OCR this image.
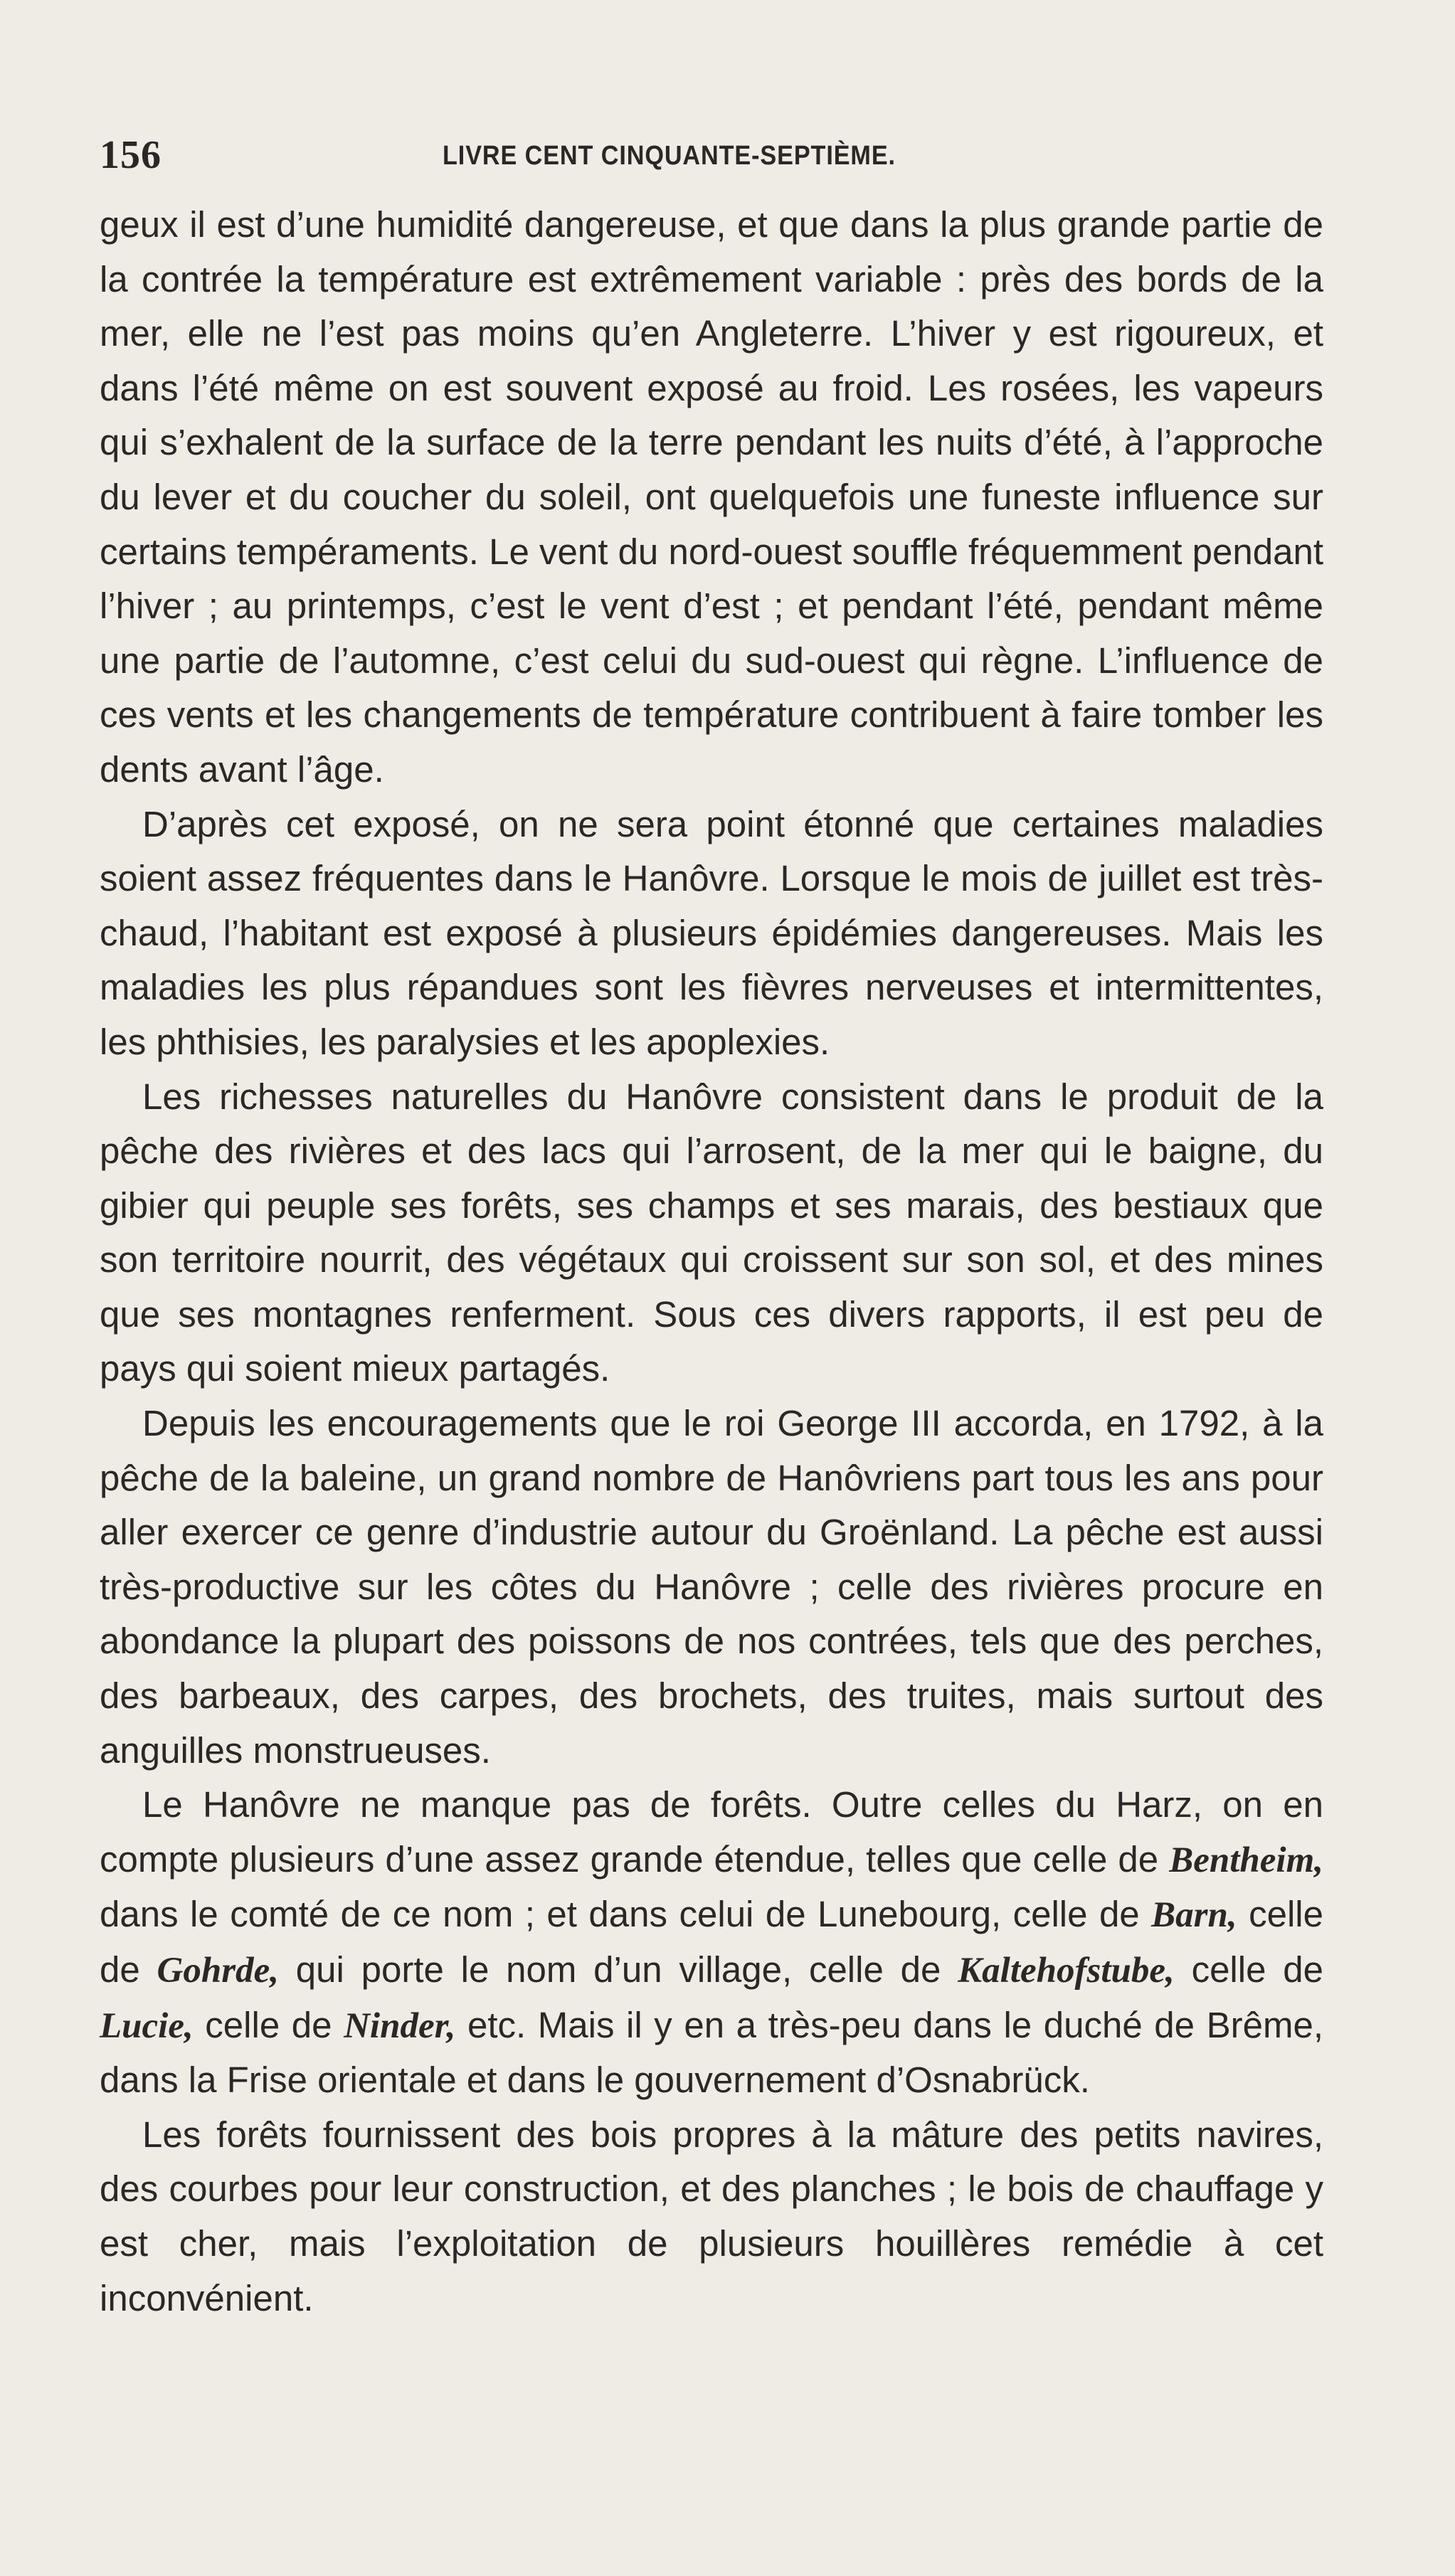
156	LIVRE CENT CINQUANTE-SEPTIÈME.

geux il est d’une humidité dangereuse, et que dans la plus grande partie de la contrée la température est extrêmement variable : près des bords de la mer, elle ne l’est pas moins qu’en Angleterre. L’hiver y est rigoureux, et dans l’été même on est souvent exposé au froid. Les rosées, les vapeurs qui s’exhalent de la surface de la terre pendant les nuits d’été, à l’approche du lever et du coucher du soleil, ont quelquefois une funeste influence sur certains tempéraments. Le vent du nord-ouest souffle fréquemment pendant l’hiver ; au printemps, c’est le vent d’est ; et pendant l’été, pendant même une partie de l’automne, c’est celui du sud-ouest qui règne. L’influence de ces vents et les changements de température contribuent à faire tomber les dents avant l’âge.

D’après cet exposé, on ne sera point étonné que certaines maladies soient assez fréquentes dans le Hanôvre. Lorsque le mois de juillet est très-chaud, l’habitant est exposé à plusieurs épidémies dangereuses. Mais les maladies les plus répandues sont les fièvres nerveuses et intermittentes, les phthisies, les paralysies et les apoplexies.

Les richesses naturelles du Hanôvre consistent dans le produit de la pêche des rivières et des lacs qui l’arrosent, de la mer qui le baigne, du gibier qui peuple ses forêts, ses champs et ses marais, des bestiaux que son territoire nourrit, des végétaux qui croissent sur son sol, et des mines que ses montagnes renferment. Sous ces divers rapports, il est peu de pays qui soient mieux partagés.

Depuis les encouragements que le roi George III accorda, en 1792, à la pêche de la baleine, un grand nombre de Hanôvriens part tous les ans pour aller exercer ce genre d’industrie autour du Groënland. La pêche est aussi très-productive sur les côtes du Hanôvre ; celle des rivières procure en abondance la plupart des poissons de nos contrées, tels que des perches, des barbeaux, des carpes, des brochets, des truites, mais surtout des anguilles monstrueuses.

Le Hanôvre ne manque pas de forêts. Outre celles du Harz, on en compte plusieurs d’une assez grande étendue, telles que celle de Bentheim, dans le comté de ce nom ; et dans celui de Lunebourg, celle de Barn, celle de Gohrde, qui porte le nom d’un village, celle de Kaltehofstube, celle de Lucie, celle de Ninder, etc. Mais il y en a très-peu dans le duché de Brême, dans la Frise orientale et dans le gouvernement d’Osnabrück.

Les forêts fournissent des bois propres à la mâture des petits navires, des courbes pour leur construction, et des planches ; le bois de chauffage y est cher, mais l’exploitation de plusieurs houillères remédie à cet inconvénient.
